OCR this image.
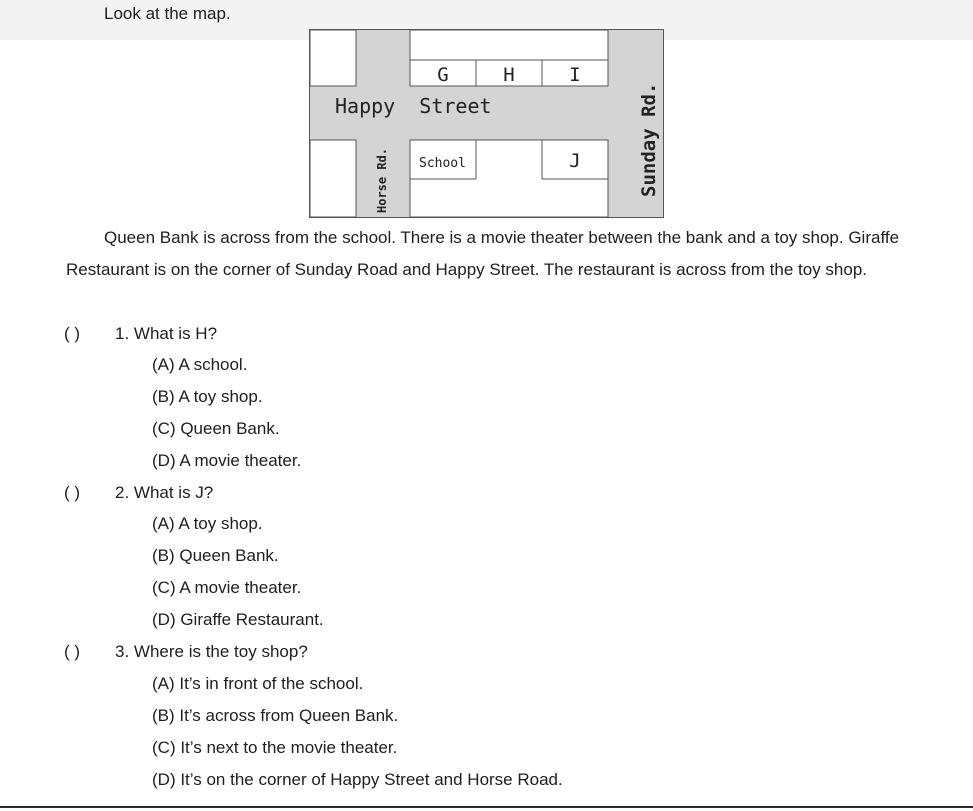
Look at the map.

G	H	I
Happy  Street
School	J
Horse Rd.	Sunday Rd.

Queen Bank is across from the school. There is a movie theater between the bank and a toy shop. Giraffe Restaurant is on the corner of Sunday Road and Happy Street. The restaurant is across from the toy shop.

( ) 1. What is H?
(A) A school.
(B) A toy shop.
(C) Queen Bank.
(D) A movie theater.
( ) 2. What is J?
(A) A toy shop.
(B) Queen Bank.
(C) A movie theater.
(D) Giraffe Restaurant.
( ) 3. Where is the toy shop?
(A) It’s in front of the school.
(B) It’s across from Queen Bank.
(C) It’s next to the movie theater.
(D) It’s on the corner of Happy Street and Horse Road.
